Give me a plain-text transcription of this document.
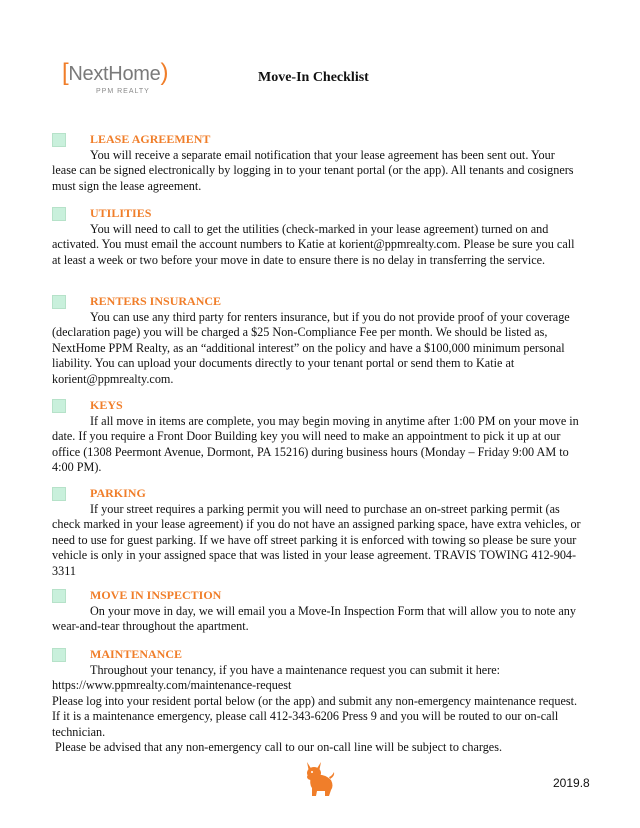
[NextHome)
PPM REALTY
Move-In Checklist
LEASE AGREEMENT

You will receive a separate email notification that your lease agreement has been sent out. Your lease can be signed electronically by logging in to your tenant portal (or the app). All tenants and cosigners must sign the lease agreement.

UTILITIES

You will need to call to get the utilities (check-marked in your lease agreement) turned on and activated. You must email the account numbers to Katie at korient@ppmrealty.com. Please be sure you call at least a week or two before your move in date to ensure there is no delay in transferring the service.

RENTERS INSURANCE

You can use any third party for renters insurance, but if you do not provide proof of your coverage (declaration page) you will be charged a $25 Non-Compliance Fee per month. We should be listed as, NextHome PPM Realty, as an “additional interest” on the policy and have a $100,000 minimum personal liability. You can upload your documents directly to your tenant portal or send them to Katie at korient@ppmrealty.com.

KEYS

If all move in items are complete, you may begin moving in anytime after 1:00 PM on your move in date. If you require a Front Door Building key you will need to make an appointment to pick it up at our office (1308 Peermont Avenue, Dormont, PA 15216) during business hours (Monday – Friday 9:00 AM to 4:00 PM).

PARKING

If your street requires a parking permit you will need to purchase an on-street parking permit (as check marked in your lease agreement) if you do not have an assigned parking space, have extra vehicles, or need to use for guest parking. If we have off street parking it is enforced with towing so please be sure your vehicle is only in your assigned space that was listed in your lease agreement. TRAVIS TOWING 412-904-3311

MOVE IN INSPECTION

On your move in day, we will email you a Move-In Inspection Form that will allow you to note any wear-and-tear throughout the apartment.

MAINTENANCE

Throughout your tenancy, if you have a maintenance request you can submit it here:

https://www.ppmrealty.com/maintenance-request

Please log into your resident portal below (or the app) and submit any non-emergency maintenance request. If it is a maintenance emergency, please call 412-343-6206 Press 9 and you will be routed to our on-call technician.

Please be advised that any non-emergency call to our on-call line will be subject to charges.

2019.8
